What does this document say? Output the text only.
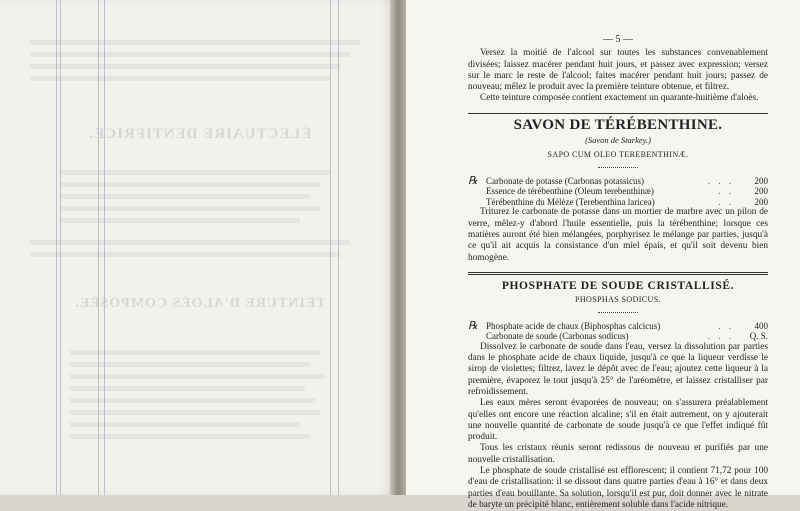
ÉLECTUAIRE DENTIFRICE.
TEINTURE D'ALOÈS COMPOSÉE.
— 5 —

Versez la moitié de l'alcool sur toutes les substances convenablement divisées; laissez macérer pendant huit jours, et passez avec expression; versez sur le marc le reste de l'alcool; faites macérer pendant huit jours; passez de nouveau; mêlez le produit avec la première teinture obtenue, et filtrez.

Cette teinture composée contient exactement un quarante-huitième d'aloès.

SAVON DE TÉRÉBENTHINE.
(Savon de Starkey.)
SAPO CUM OLEO TEREBENTHINÆ.
℞ Carbonate de potasse (Carbonas potassicus)	. . .	200
Essence de térébenthine (Oleum terebenthinæ)	. .	200
Térébenthine du Mélèze (Terebenthina laricea)	. .	200

Triturez le carbonate de potasse dans un mortier de marbre avec un pilon de verre, mêlez-y d'abord l'huile essentielle, puis la térébenthine; lorsque ces matières auront été bien mélangées, porphyrisez le mélange par parties, jusqu'à ce qu'il ait acquis la consistance d'un miel épais, et qu'il soit devenu bien homogène.

PHOSPHATE DE SOUDE CRISTALLISÉ.
PHOSPHAS SODICUS.
℞ Phosphate acide de chaux (Biphosphas calcicus)	. .	400
Carbonate de soude (Carbonas sodicus)	. . .	Q. S.

Dissolvez le carbonate de soude dans l'eau, versez la dissolution par parties dans le phosphate acide de chaux liquide, jusqu'à ce que la liqueur verdisse le sirop de violettes; filtrez, lavez le dépôt avec de l'eau; ajoutez cette liqueur à la première, évaporez le tout jusqu'à 25° de l'aréomètre, et laissez cristalliser par refroidissement.

Les eaux mères seront évaporées de nouveau; on s'assurera préalablement qu'elles ont encore une réaction alcaline; s'il en était autrement, on y ajouterait une nouvelle quantité de carbonate de soude jusqu'à ce que l'effet indiqué fût produit.

Tous les cristaux réunis seront redissous de nouveau et purifiés par une nouvelle cristallisation.

Le phosphate de soude cristallisé est efflorescent; il contient 71,72 pour 100 d'eau de cristallisation: il se dissout dans quatre parties d'eau à 16° et dans deux parties d'eau bouillante. Sa solution, lorsqu'il est pur, doit donner avec le nitrate de baryte un précipité blanc, entièrement soluble dans l'acide nitrique.
